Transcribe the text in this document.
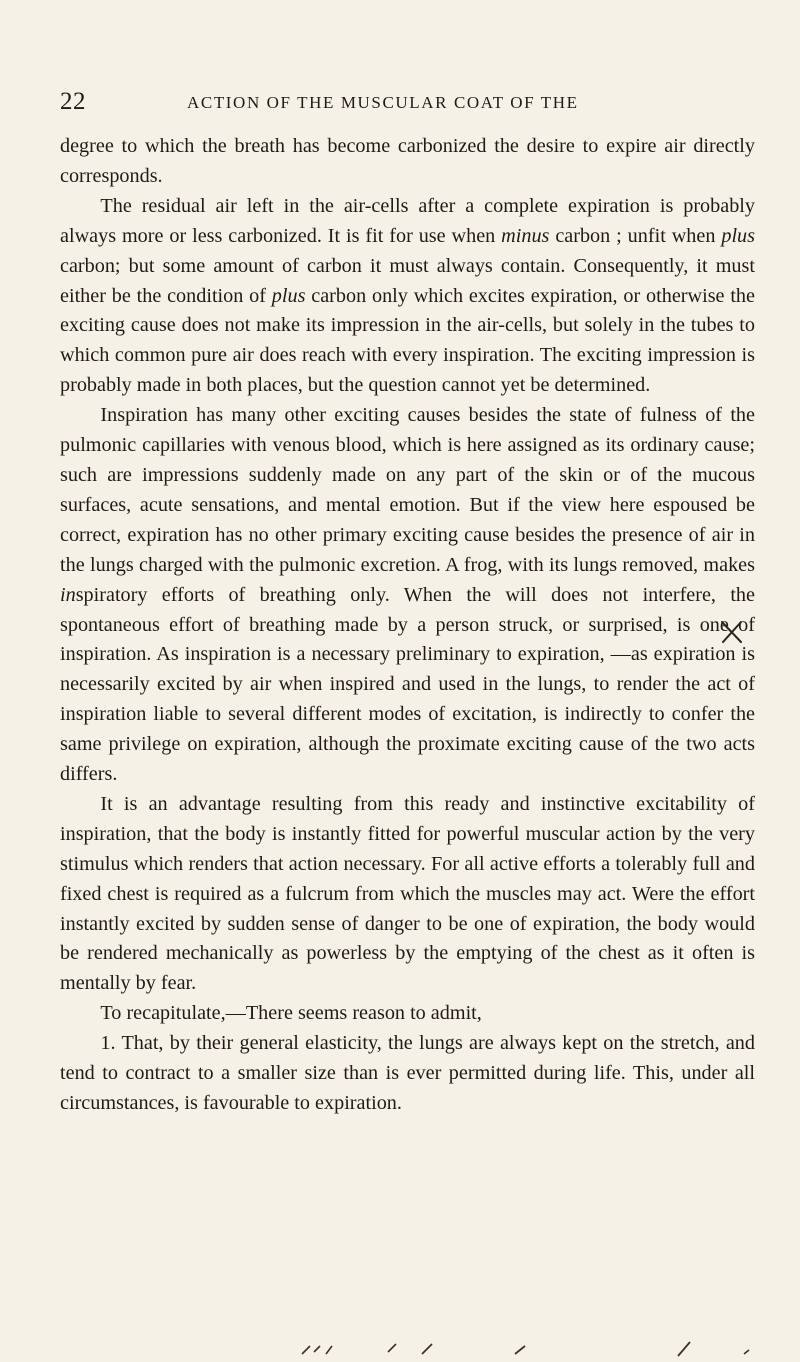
22	ACTION OF THE MUSCULAR COAT OF THE

degree to which the breath has become carbonized the desire to expire air directly corresponds.

The residual air left in the air-cells after a complete expiration is probably always more or less carbonized. It is fit for use when minus carbon ; unfit when plus carbon; but some amount of carbon it must always contain. Consequently, it must either be the condition of plus carbon only which excites expiration, or otherwise the exciting cause does not make its impression in the air-cells, but solely in the tubes to which common pure air does reach with every inspiration. The exciting impression is probably made in both places, but the question cannot yet be determined.

Inspiration has many other exciting causes besides the state of fulness of the pulmonic capillaries with venous blood, which is here assigned as its ordinary cause; such are impressions suddenly made on any part of the skin or of the mucous surfaces, acute sensations, and mental emotion. But if the view here espoused be correct, expiration has no other primary exciting cause besides the presence of air in the lungs charged with the pulmonic excretion. A frog, with its lungs removed, makes inspiratory efforts of breathing only. When the will does not interfere, the spontaneous effort of breathing made by a person struck, or surprised, is one of inspiration. As inspiration is a necessary preliminary to expiration, —as expiration is necessarily excited by air when inspired and used in the lungs, to render the act of inspiration liable to several different modes of excitation, is indirectly to confer the same privilege on expiration, although the proximate exciting cause of the two acts differs.

It is an advantage resulting from this ready and instinctive excitability of inspiration, that the body is instantly fitted for powerful muscular action by the very stimulus which renders that action necessary. For all active efforts a tolerably full and fixed chest is required as a fulcrum from which the muscles may act. Were the effort instantly excited by sudden sense of danger to be one of expiration, the body would be rendered mechanically as powerless by the emptying of the chest as it often is mentally by fear.

To recapitulate,—There seems reason to admit,

1. That, by their general elasticity, the lungs are always kept on the stretch, and tend to contract to a smaller size than is ever permitted during life. This, under all circumstances, is favourable to expiration.
